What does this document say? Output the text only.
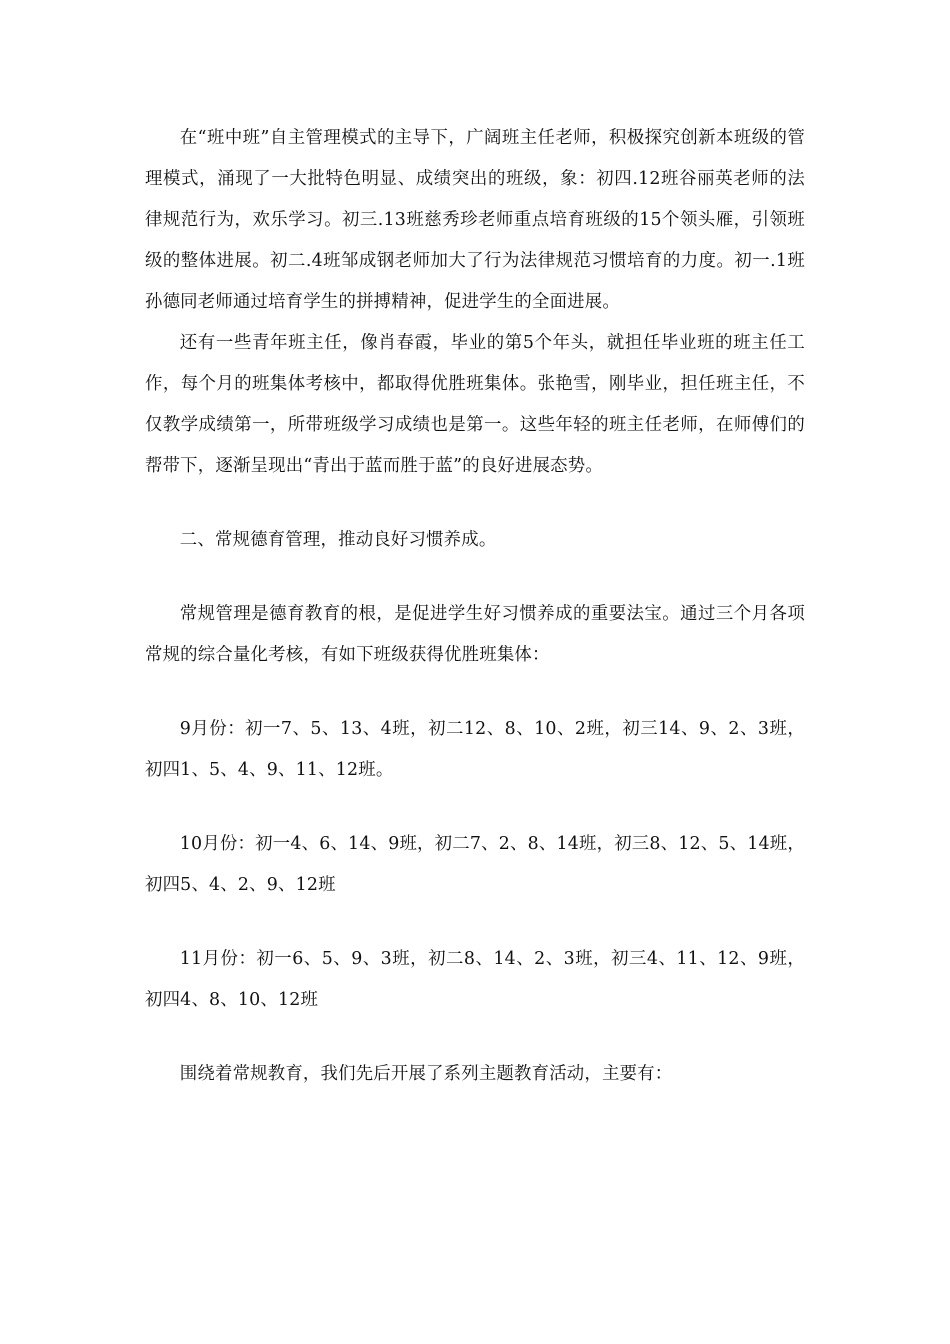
在“班中班”自主管理模式的主导下，广阔班主任老师，积极探究创新本班级的管理模式，涌现了一大批特色明显、成绩突出的班级，象：初四.12班谷丽英老师的法律规范行为，欢乐学习。初三.13班慈秀珍老师重点培育班级的15个领头雁，引领班级的整体进展。初二.4班邹成钢老师加大了行为法律规范习惯培育的力度。初一.1班孙德同老师通过培育学生的拼搏精神，促进学生的全面进展。

还有一些青年班主任，像肖春霞，毕业的第5个年头，就担任毕业班的班主任工作，每个月的班集体考核中，都取得优胜班集体。张艳雪，刚毕业，担任班主任，不仅教学成绩第一，所带班级学习成绩也是第一。这些年轻的班主任老师，在师傅们的帮带下，逐渐呈现出“青出于蓝而胜于蓝”的良好进展态势。

二、常规德育管理，推动良好习惯养成。

常规管理是德育教育的根，是促进学生好习惯养成的重要法宝。通过三个月各项常规的综合量化考核，有如下班级获得优胜班集体：

9月份：初一7、5、13、4班，初二12、8、10、2班，初三14、9、2、3班，初四1、5、4、9、11、12班。

10月份：初一4、6、14、9班，初二7、2、8、14班，初三8、12、5、14班，初四5、4、2、9、12班

11月份：初一6、5、9、3班，初二8、14、2、3班，初三4、11、12、9班，初四4、8、10、12班

围绕着常规教育，我们先后开展了系列主题教育活动，主要有：
